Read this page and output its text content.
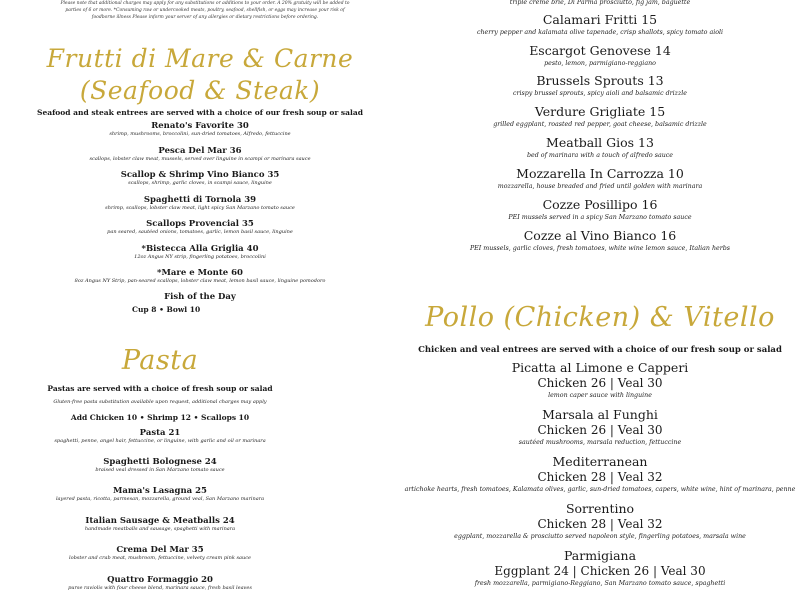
Please note that additional charges may apply for any substitutions or additions to your order. A 20% gratuity will be added to parties of 6 or more. *Consuming raw or undercooked meats, poultry, seafood, shellfish, or eggs may increase your risk of foodborne illness Please inform your server of any allergies or dietary restrictions before ordering.
Frutti di Mare & Carne
(Seafood & Steak)
Seafood and steak entrees are served with a choice of our fresh soup or salad
Renato's Favorite 30
shrimp, mushrooms, broccolini, sun-dried tomatoes, Alfredo, fettuccine
Pesca Del Mar 36
scallops, lobster claw meat, mussels, served over linguine in scampi or marinara sauce
Scallop & Shrimp Vino Bianco 35
scallops, shrimp, garlic cloves, in scampi sauce, linguine
Spaghetti di Tornola 39
shrimp, scallops, lobster claw meat, light spicy San Marzano tomato sauce
Scallops Provencial 35
pan seared, sautéed onions, tomatoes, garlic, lemon basil sauce, linguine
*Bistecca Alla Griglia 40
12oz Angus NY strip, fingerling potatoes, broccolini
*Mare e Monte 60
8oz Angus NY Strip, pan-seared scallops, lobster claw meat, lemon basil sauce, linguine pomodoro
Fish of the Day
Cup 8 • Bowl 10
Pasta
Pastas are served with a choice of fresh soup or salad
Gluten-free pasta substitution available upon request, additional charges may apply
Add Chicken 10 • Shrimp 12 • Scallops 10
Pasta 21
spaghetti, penne, angel hair, fettuccine, or linguine, with garlic and oil or marinara
Spaghetti Bolognese 24
braised veal dressed in San Marzano tomato sauce
Mama's Lasagna 25
layered pasta, ricotta, parmesan, mozzarella, ground veal, San Marzano marinara
Italian Sausage & Meatballs 24
handmade meatballs and sausage, spaghetti with marinara
Crema Del Mar 35
lobster and crab meat, mushroom, fettuccine, velvety cream pink sauce
Quattro Formaggio 20
purse raviolis with four cheese blend, marinara sauce, fresh basil leaves
triple crème brie, Di Parma prosciutto, fig jam, baguette
Calamari Fritti 15
cherry pepper and kalamata olive tapenade, crisp shallots, spicy tomato aioli
Escargot Genovese 14
pesto, lemon, parmigiano-reggiano
Brussels Sprouts 13
crispy brussel sprouts, spicy aioli and balsamic drizzle
Verdure Grigliate 15
grilled eggplant, roasted red pepper, goat cheese, balsamic drizzle
Meatball Gios 13
bed of marinara with a touch of alfredo sauce
Mozzarella In Carrozza 10
mozzarella, house breaded and fried until golden with marinara
Cozze Posillipo 16
PEI mussels served in a spicy San Marzano tomato sauce
Cozze al Vino Bianco 16
PEI mussels, garlic cloves, fresh tomatoes, white wine lemon sauce, Italian herbs
Pollo (Chicken) & Vitello
Chicken and veal entrees are served with a choice of our fresh soup or salad
Picatta al Limone e Capperi
Chicken 26 | Veal 30
lemon caper sauce with linguine
Marsala al Funghi
Chicken 26 | Veal 30
sautéed mushrooms, marsala reduction, fettuccine
Mediterranean
Chicken 28 | Veal 32
artichoke hearts, fresh tomatoes, Kalamata olives, garlic, sun-dried tomatoes, capers, white wine, hint of marinara, penne
Sorrentino
Chicken 28 | Veal 32
eggplant, mozzarella & prosciutto served napoleon style, fingerling potatoes, marsala wine
Parmigiana
Eggplant 24 | Chicken 26 | Veal 30
fresh mozzarella, parmigiano-Reggiano, San Marzano tomato sauce, spaghetti
